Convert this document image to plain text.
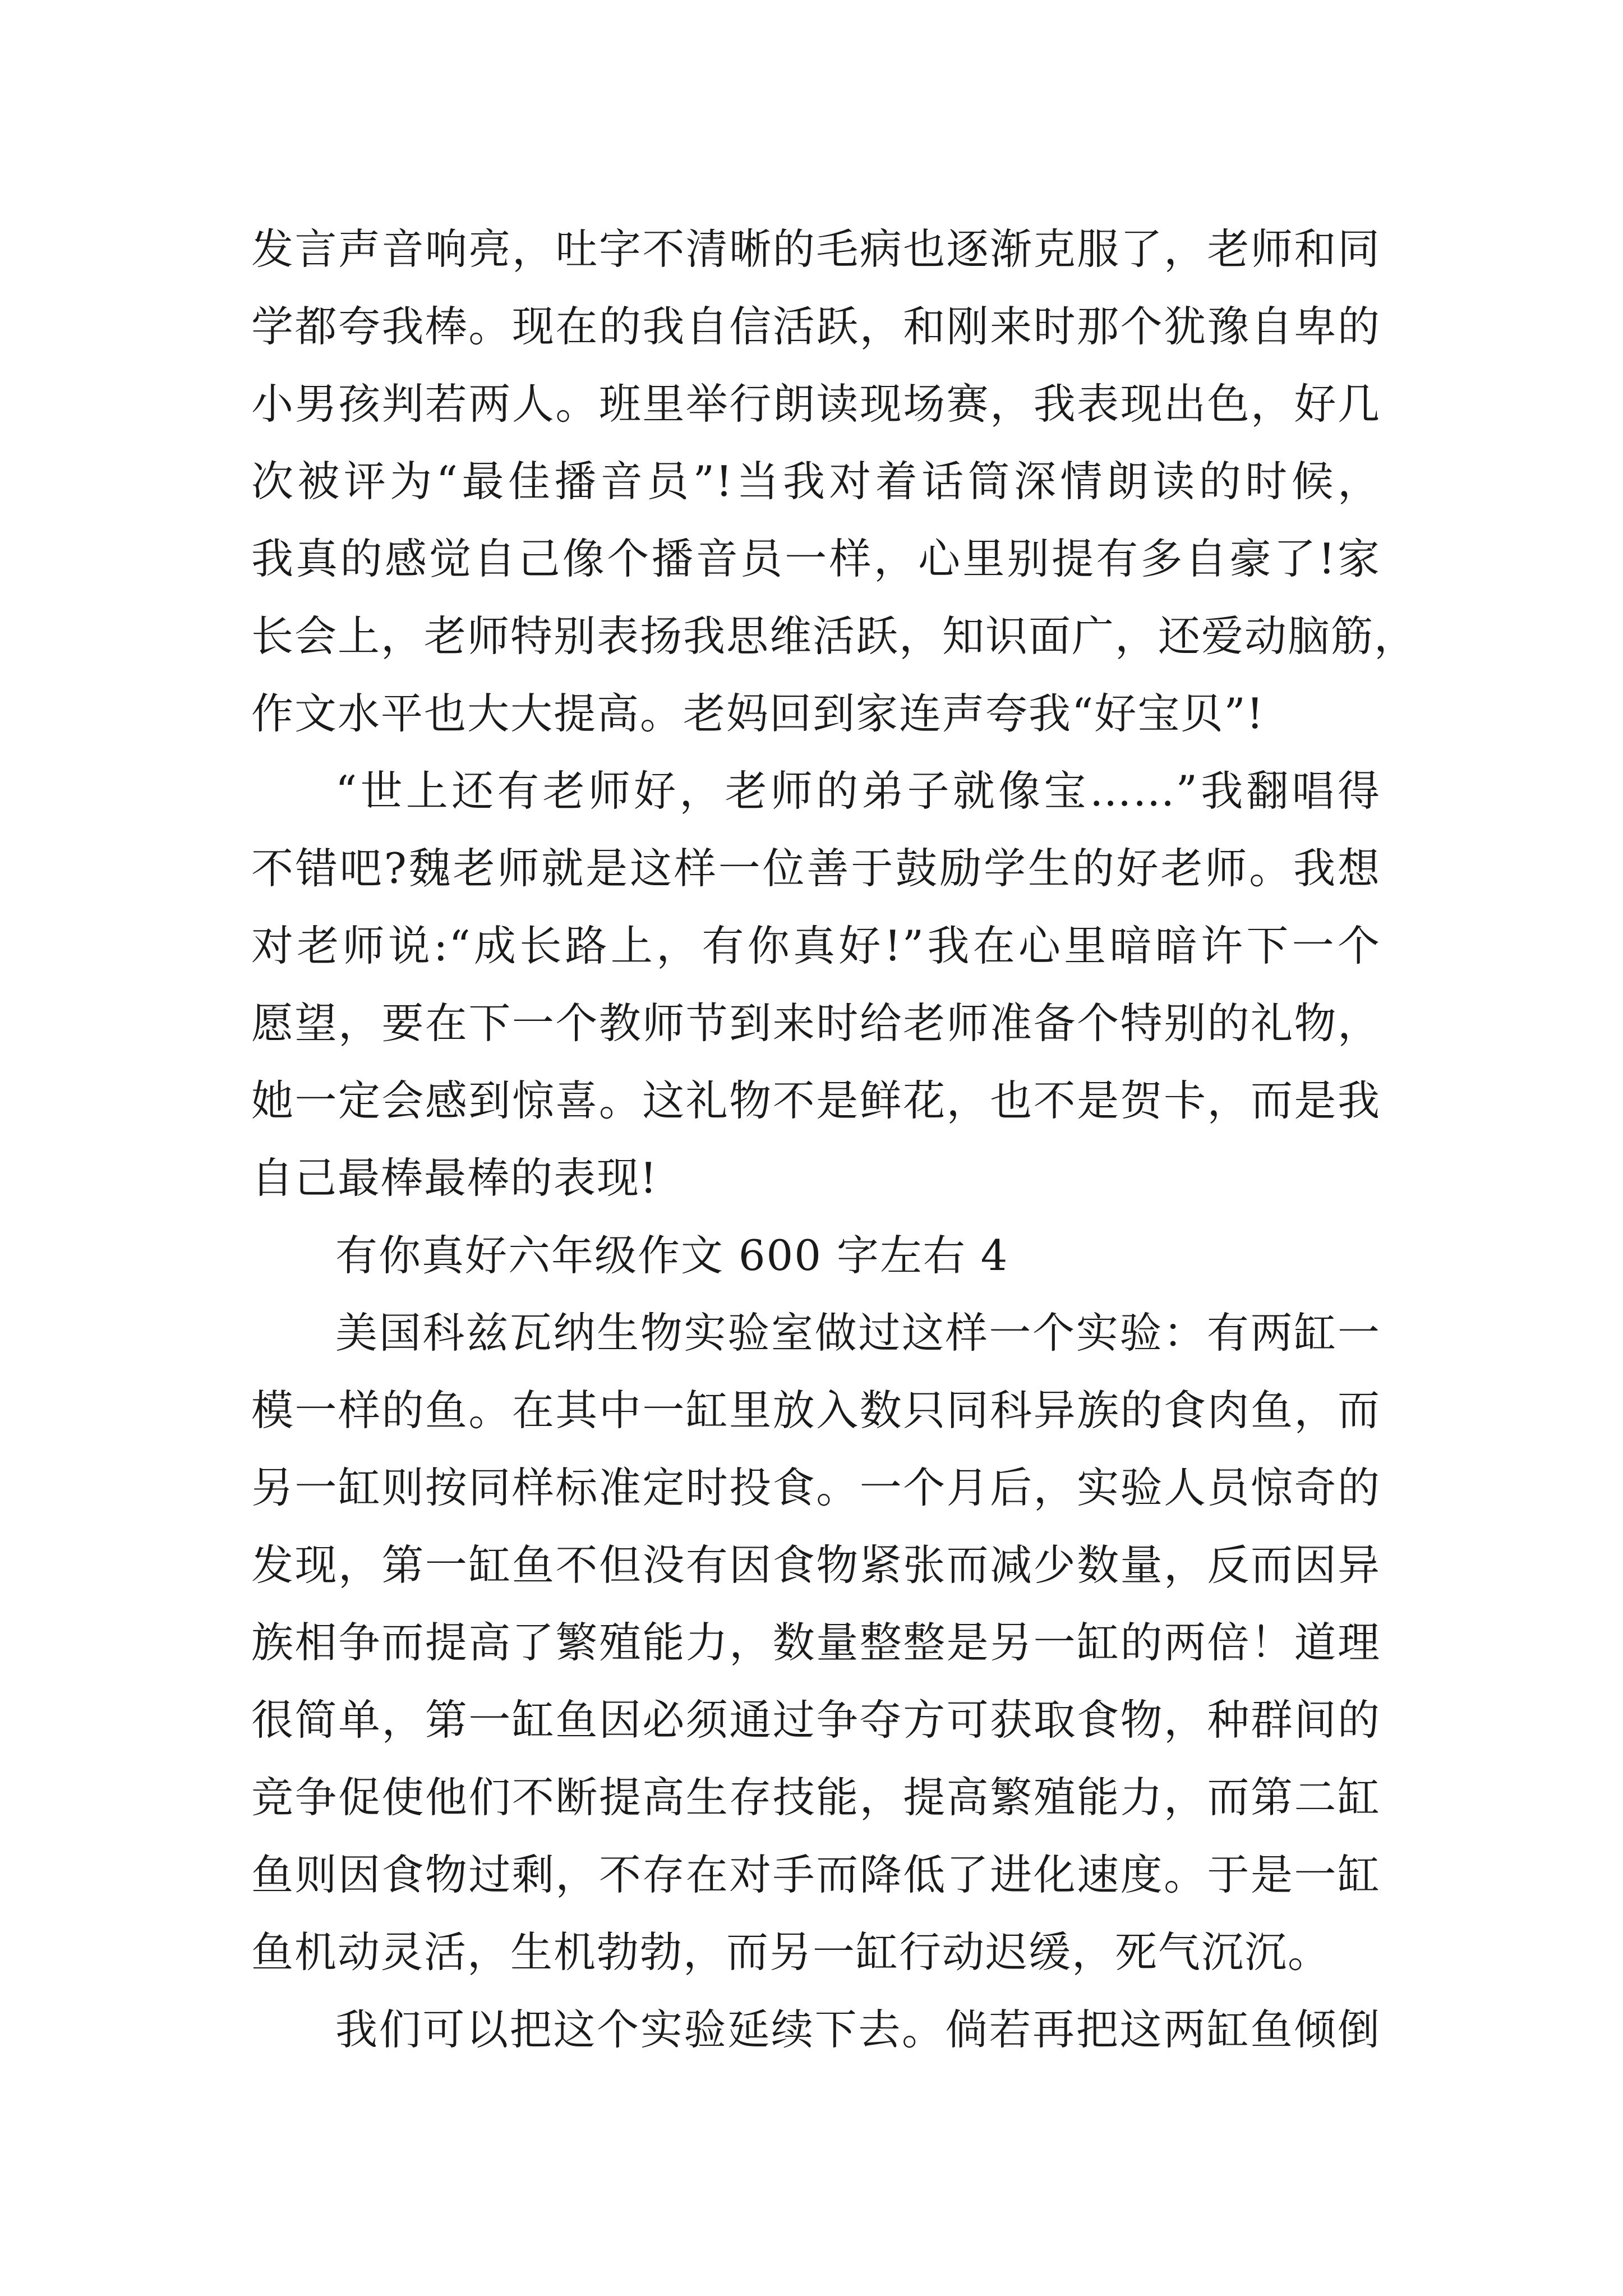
发言声音响亮，吐字不清晰的毛病也逐渐克服了，老师和同
学都夸我棒。现在的我自信活跃，和刚来时那个犹豫自卑的
小男孩判若两人。班里举行朗读现场赛，我表现出色，好几
次被评为“最佳播音员”!当我对着话筒深情朗读的时候，
我真的感觉自己像个播音员一样，心里别提有多自豪了!家
长会上，老师特别表扬我思维活跃，知识面广，还爱动脑筋，
作文水平也大大提高。老妈回到家连声夸我“好宝贝”!

“世上还有老师好，老师的弟子就像宝……”我翻唱得
不错吧?魏老师就是这样一位善于鼓励学生的好老师。我想
对老师说:“成长路上，有你真好!”我在心里暗暗许下一个
愿望，要在下一个教师节到来时给老师准备个特别的礼物，
她一定会感到惊喜。这礼物不是鲜花，也不是贺卡，而是我
自己最棒最棒的表现!

有你真好六年级作文 600 字左右 4

美国科兹瓦纳生物实验室做过这样一个实验：有两缸一
模一样的鱼。在其中一缸里放入数只同科异族的食肉鱼，而
另一缸则按同样标准定时投食。一个月后，实验人员惊奇的
发现，第一缸鱼不但没有因食物紧张而减少数量，反而因异
族相争而提高了繁殖能力，数量整整是另一缸的两倍！道理
很简单，第一缸鱼因必须通过争夺方可获取食物，种群间的
竞争促使他们不断提高生存技能，提高繁殖能力，而第二缸
鱼则因食物过剩，不存在对手而降低了进化速度。于是一缸
鱼机动灵活，生机勃勃，而另一缸行动迟缓，死气沉沉。

我们可以把这个实验延续下去。倘若再把这两缸鱼倾倒
